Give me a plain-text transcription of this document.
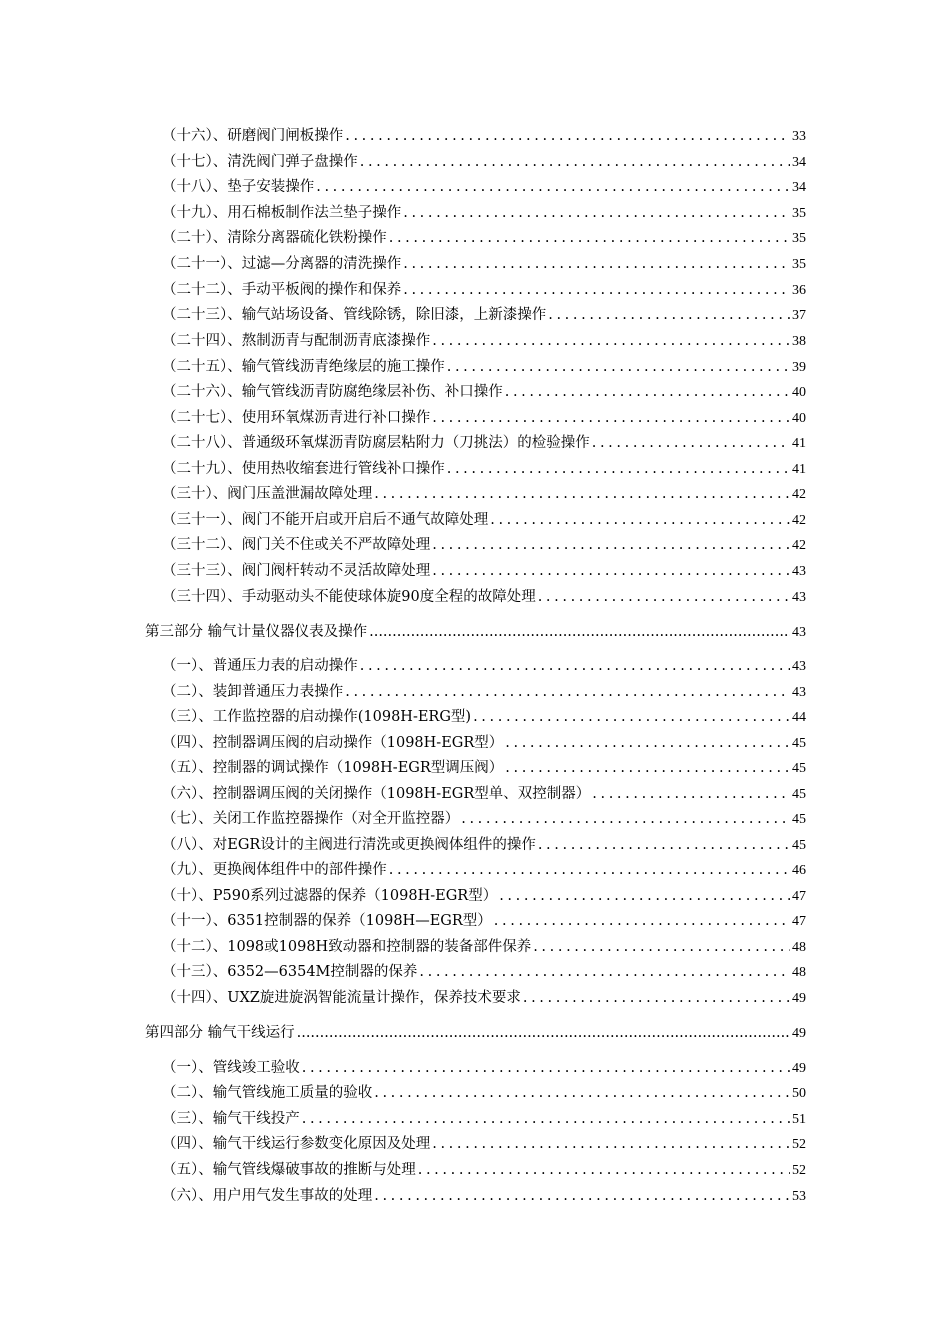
（十六）、研磨阀门闸板操作 . . .	33
（十七）、清洗阀门弹子盘操作 . . .	34
（十八）、垫子安装操作 . . .	34
（十九）、用石棉板制作法兰垫子操作 . . .	35
（二十）、清除分离器硫化铁粉操作 . . .	35
（二十一）、过滤—分离器的清洗操作 . . .	35
（二十二）、手动平板阀的操作和保养 . . .	36
（二十三）、输气站场设备、管线除锈，除旧漆，上新漆操作 . . .	37
（二十四）、熬制沥青与配制沥青底漆操作 . . .	38
（二十五）、输气管线沥青绝缘层的施工操作 . . .	39
（二十六）、输气管线沥青防腐绝缘层补伤、补口操作 . . .	40
（二十七）、使用环氧煤沥青进行补口操作 . . .	40
（二十八）、普通级环氧煤沥青防腐层粘附力（刀挑法）的检验操作 . . .	41
（二十九）、使用热收缩套进行管线补口操作 . . .	41
（三十）、阀门压盖泄漏故障处理 . . .	42
（三十一）、阀门不能开启或开启后不通气故障处理 . . .	42
（三十二）、阀门关不住或关不严故障处理 . . .	42
（三十三）、阀门阀杆转动不灵活故障处理 . . .	43
（三十四）、手动驱动头不能使球体旋90度全程的故障处理 . . .	43
第三部分 输气计量仪器仪表及操作 .....	43
（一）、普通压力表的启动操作 . . .	43
（二）、装卸普通压力表操作 . . .	43
（三）、工作监控器的启动操作(1098H-ERG型) . . .	44
（四）、控制器调压阀的启动操作（1098H-EGR型） . . .	45
（五）、控制器的调试操作（1098H-EGR型调压阀） . . .	45
（六）、控制器调压阀的关闭操作（1098H-EGR型单、双控制器） . . .	45
（七）、关闭工作监控器操作（对全开监控器） . . .	45
（八）、对EGR设计的主阀进行清洗或更换阀体组件的操作 . . .	45
（九）、更换阀体组件中的部件操作 . . .	46
（十）、P590系列过滤器的保养（1098H-EGR型） . . .	47
（十一）、6351控制器的保养（1098H—EGR型） . . .	47
（十二）、1098或1098H致动器和控制器的装备部件保养 . . .	48
（十三）、6352—6354M控制器的保养 . . .	48
（十四）、UXZ旋进旋涡智能流量计操作，保养技术要求 . . .	49
第四部分 输气干线运行 .....	49
（一）、管线竣工验收 . . .	49
（二）、输气管线施工质量的验收 . . .	50
（三）、输气干线投产 . . .	51
（四）、输气干线运行参数变化原因及处理 . . .	52
（五）、输气管线爆破事故的推断与处理 . . .	52
（六）、用户用气发生事故的处理 . . .	53
